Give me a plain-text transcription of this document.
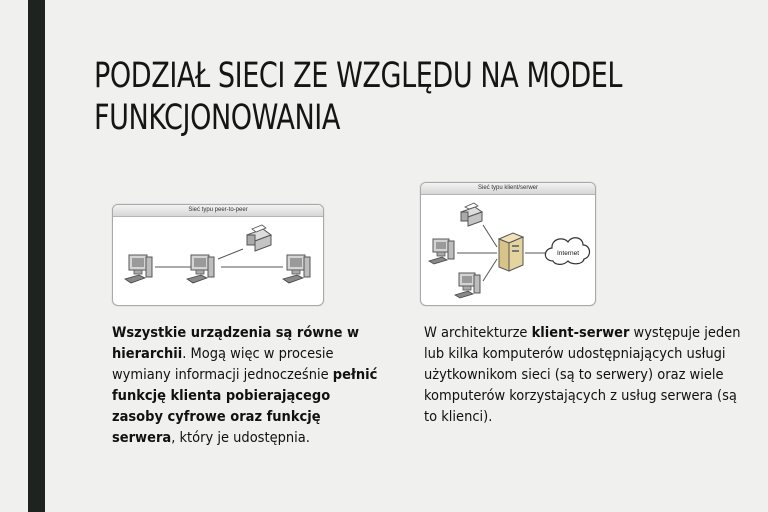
PODZIAŁ SIECI ZE WZGLĘDU NA MODEL FUNKCJONOWANIA
Sieć typu peer-to-peer
Sieć typu klient/serwer
Internet

Wszystkie urządzenia są równe w hierarchii. Mogą więc w procesie wymiany informacji jednocześnie pełnić funkcję klienta pobierającego zasoby cyfrowe oraz funkcję serwera, który je udostępnia.

W architekturze klient-serwer występuje jeden lub kilka komputerów udostępniających usługi użytkownikom sieci (są to serwery) oraz wiele komputerów korzystających z usług serwera (są to klienci).
